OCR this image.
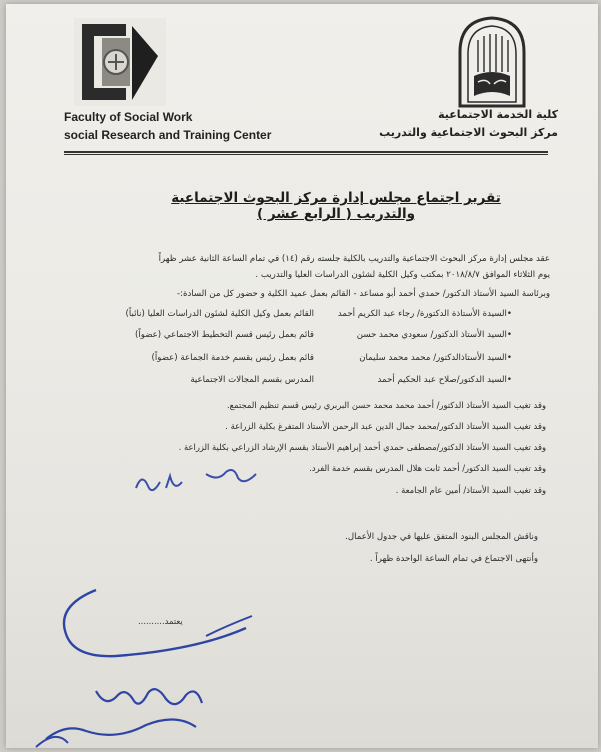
Faculty of Social Work
social Research and Training Center
كلية الخدمة الاجتماعية
مركز البحوث الاجتماعية والتدريب
تقرير اجتماع مجلس إدارة مركز البحوث الاجتماعية والتدريب ( الرابع عشر )
عقد مجلس إدارة مركز البحوث الاجتماعية والتدريب بالكلية جلسته رقم (١٤) في تمام الساعة الثانية عشر ظهراً
يوم الثلاثاء الموافق ٢٠١٨/٨/٧ بمكتب وكيل الكلية لشئون الدراسات العليا والتدريب .
وبرئاسة السيد الأستاذ الدكتور/ حمدي أحمد أبو مساعد - القائم بعمل عميد الكلية و حضور كل من السادة:-
•السيدة الأستاذة الدكتورة/ رجاء عبد الكريم أحمد
القائم بعمل وكيل الكلية لشئون الدراسات العليا (نائباً)
•السيد الأستاذ الدكتور/ سعودي محمد حسن
قائم بعمل رئيس قسم التخطيط الاجتماعي (عضواً)
•السيد الأستاذالدكتور/ محمد محمد سليمان
قائم بعمل رئيس بقسم خدمة الجماعة (عضواً)
•السيد الدكتور/صلاح عبد الحكيم أحمد
المدرس بقسم المجالات الاجتماعية
وقد تغيب السيد الأستاذ الدكتور/ أحمد محمد محمد حسن البربري رئيس قسم تنظيم المجتمع.
وقد تغيب السيد الأستاذ الدكتور/محمد جمال الدين عبد الرحمن الأستاذ المتفرغ بكلية الزراعة .
وقد تغيب السيد الأستاذ الدكتور/مصطفى حمدي أحمد إبراهيم الأستاذ بقسم الإرشاد الزراعي بكلية الزراعة .
وقد تغيب السيد الدكتور/ أحمد ثابت هلال المدرس بقسم خدمة الفرد.
وقد تغيب السيد الأستاذ/ أمين عام الجامعة .
وناقش المجلس البنود المتفق عليها في جدول الأعمال.
وأنتهى الاجتماع في تمام الساعة الواحدة ظهراً .
يعتمد..........
